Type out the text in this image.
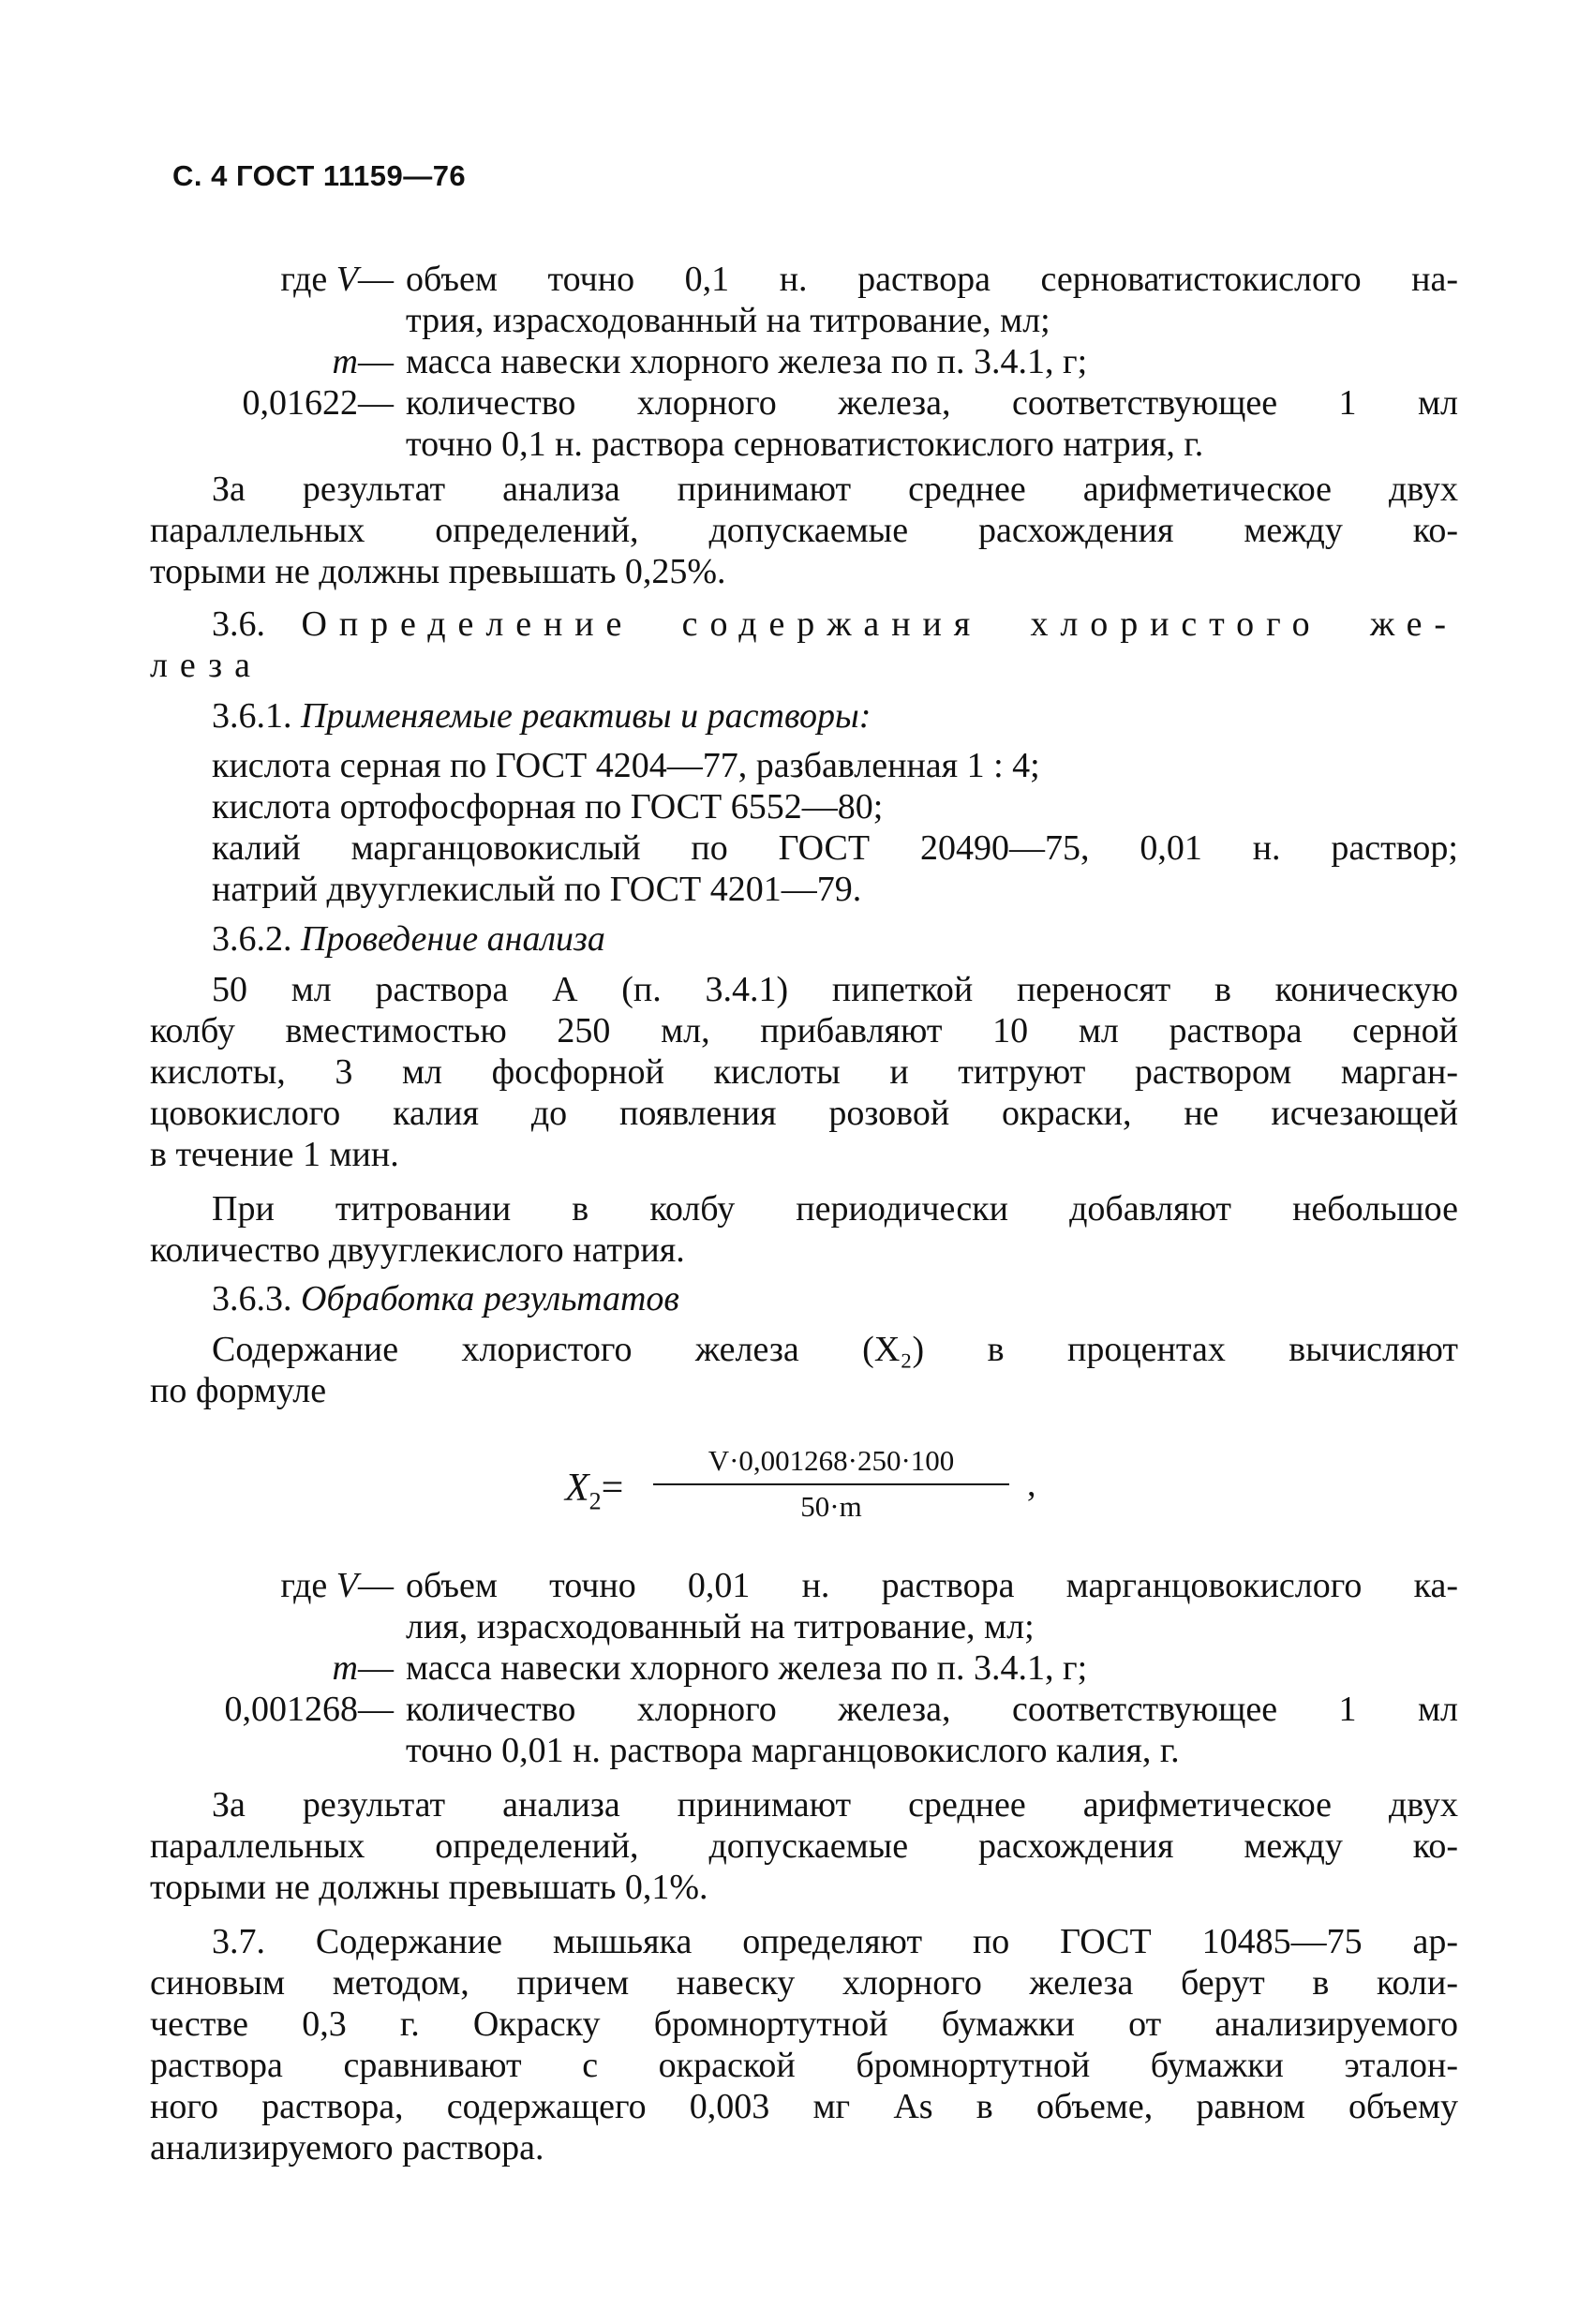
С. 4 ГОСТ 11159—76
где V— объем точно 0,1 н. раствора серноватистокислого на-
трия, израсходованный на титрование, мл;
m— масса навески хлорного железа по п. 3.4.1, г;
0,01622— количество хлорного железа, соответствующее 1 мл
точно 0,1 н. раствора серноватистокислого натрия, г.
За результат анализа принимают среднее арифметическое двух
параллельных определений, допускаемые расхождения между ко-
торыми не должны превышать 0,25%.
3.6. Определение содержания хлористого же-
леза
3.6.1. Применяемые реактивы и растворы:
кислота серная по ГОСТ 4204—77, разбавленная 1 : 4;
кислота ортофосфорная по ГОСТ 6552—80;
калий марганцовокислый по ГОСТ 20490—75, 0,01 н. раствор;
натрий двууглекислый по ГОСТ 4201—79.
3.6.2. Проведение анализа
50 мл раствора А (п. 3.4.1) пипеткой переносят в коническую
колбу вместимостью 250 мл, прибавляют 10 мл раствора серной
кислоты, 3 мл фосфорной кислоты и титруют раствором марган-
цовокислого калия до появления розовой окраски, не исчезающей
в течение 1 мин.
При титровании в колбу периодически добавляют небольшое
количество двууглекислого натрия.
3.6.3. Обработка результатов
Содержание хлористого железа (X₂) в процентах вычисляют
по формуле
$X_2=$
V·0,001268·250·100
50·m
,
где V— объем точно 0,01 н. раствора марганцовокислого ка-
лия, израсходованный на титрование, мл;
m— масса навески хлорного железа по п. 3.4.1, г;
0,001268— количество хлорного железа, соответствующее 1 мл
точно 0,01 н. раствора марганцовокислого калия, г.
За результат анализа принимают среднее арифметическое двух
параллельных определений, допускаемые расхождения между ко-
торыми не должны превышать 0,1%.
3.7. Содержание мышьяка определяют по ГОСТ 10485—75 ар-
синовым методом, причем навеску хлорного железа берут в коли-
честве 0,3 г. Окраску бромнортутной бумажки от анализируемого
раствора сравнивают с окраской бромнортутной бумажки эталон-
ного раствора, содержащего 0,003 мг As в объеме, равном объему
анализируемого раствора.
